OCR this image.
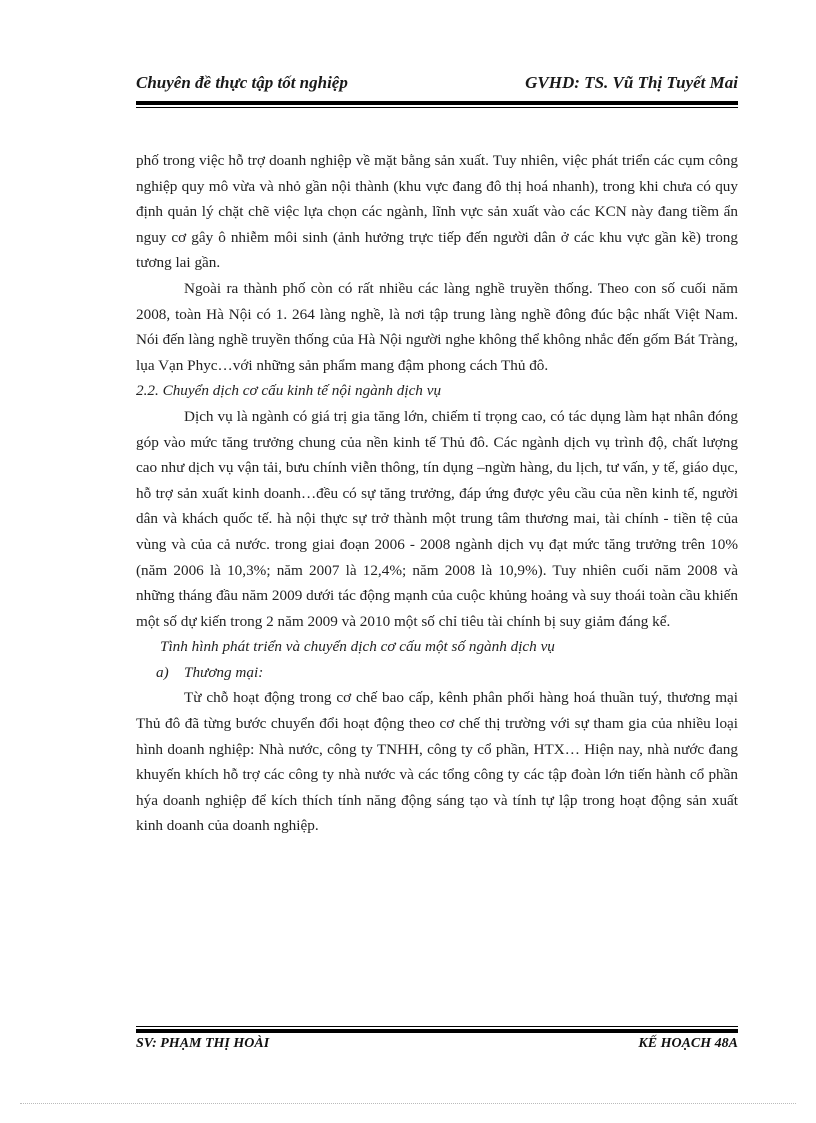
Chuyên đề thực tập tốt nghiệp	GVHD: TS. Vũ Thị Tuyết Mai

phố trong việc hỗ trợ doanh nghiệp về mặt bằng sản xuất. Tuy nhiên, việc phát triển các cụm công nghiệp quy mô vừa và nhỏ gần nội thành (khu vực đang đô thị hoá nhanh), trong khi chưa có quy định quản lý chặt chẽ việc lựa chọn các ngành, lĩnh vực sản xuất vào các KCN này đang tiềm ẩn nguy cơ gây ô nhiễm môi sinh (ảnh hưởng trực tiếp đến người dân ở các khu vực gần kề) trong tương lai gần.

Ngoài ra thành phố còn có rất nhiều các làng nghề truyền thống. Theo con số cuối năm 2008, toàn Hà Nội có 1. 264 làng nghề, là nơi tập trung làng nghề đông đúc bậc nhất Việt Nam. Nói đến làng nghề truyền thống của Hà Nội người nghe không thể không nhắc đến gốm Bát Tràng, lụa Vạn Phyc…với những sản phẩm mang đậm phong cách Thủ đô.

2.2. Chuyển dịch cơ cấu kinh tế nội ngành dịch vụ

Dịch vụ là ngành có giá trị gia tăng lớn, chiếm tỉ trọng cao, có tác dụng làm hạt nhân đóng góp vào mức tăng trưởng chung của nền kinh tế Thủ đô. Các ngành dịch vụ trình độ, chất lượng cao như dịch vụ vận tải, bưu chính viễn thông, tín dụng –ngừn hàng, du lịch, tư vấn, y tế, giáo dục, hỗ trợ sản xuất kinh doanh…đều có sự tăng trưởng, đáp ứng được yêu cầu của nền kinh tế, người dân và khách quốc tế. hà nội thực sự trở thành một trung tâm thương mai, tài chính - tiền tệ của vùng và của cả nước. trong giai đoạn 2006 - 2008 ngành dịch vụ đạt mức tăng trưởng trên 10% (năm 2006 là 10,3%; năm 2007 là 12,4%; năm 2008 là 10,9%). Tuy nhiên cuối năm 2008 và những tháng đầu năm 2009 dưới tác động mạnh của cuộc khủng hoảng và suy thoái toàn cầu khiến một số dự kiến trong 2 năm 2009 và 2010 một số chỉ tiêu tài chính bị suy giảm đáng kể.

Tình hình phát triển và chuyển dịch cơ cấu một số ngành dịch vụ

a) Thương mại:

Từ chỗ hoạt động trong cơ chế bao cấp, kênh phân phối hàng hoá thuần tuý, thương mại Thủ đô đã từng bước chuyển đổi hoạt động theo cơ chế thị trường với sự tham gia của nhiều loại hình doanh nghiệp: Nhà nước, công ty TNHH, công ty cổ phần, HTX… Hiện nay, nhà nước đang khuyến khích hỗ trợ các công ty nhà nước và các tổng công ty các tập đoàn lớn tiến hành cổ phần hýa doanh nghiệp để kích thích tính năng động sáng tạo và tính tự lập trong hoạt động sản xuất kinh doanh của doanh nghiệp.

SV: PHẠM THỊ HOÀI	KẾ HOẠCH 48A
